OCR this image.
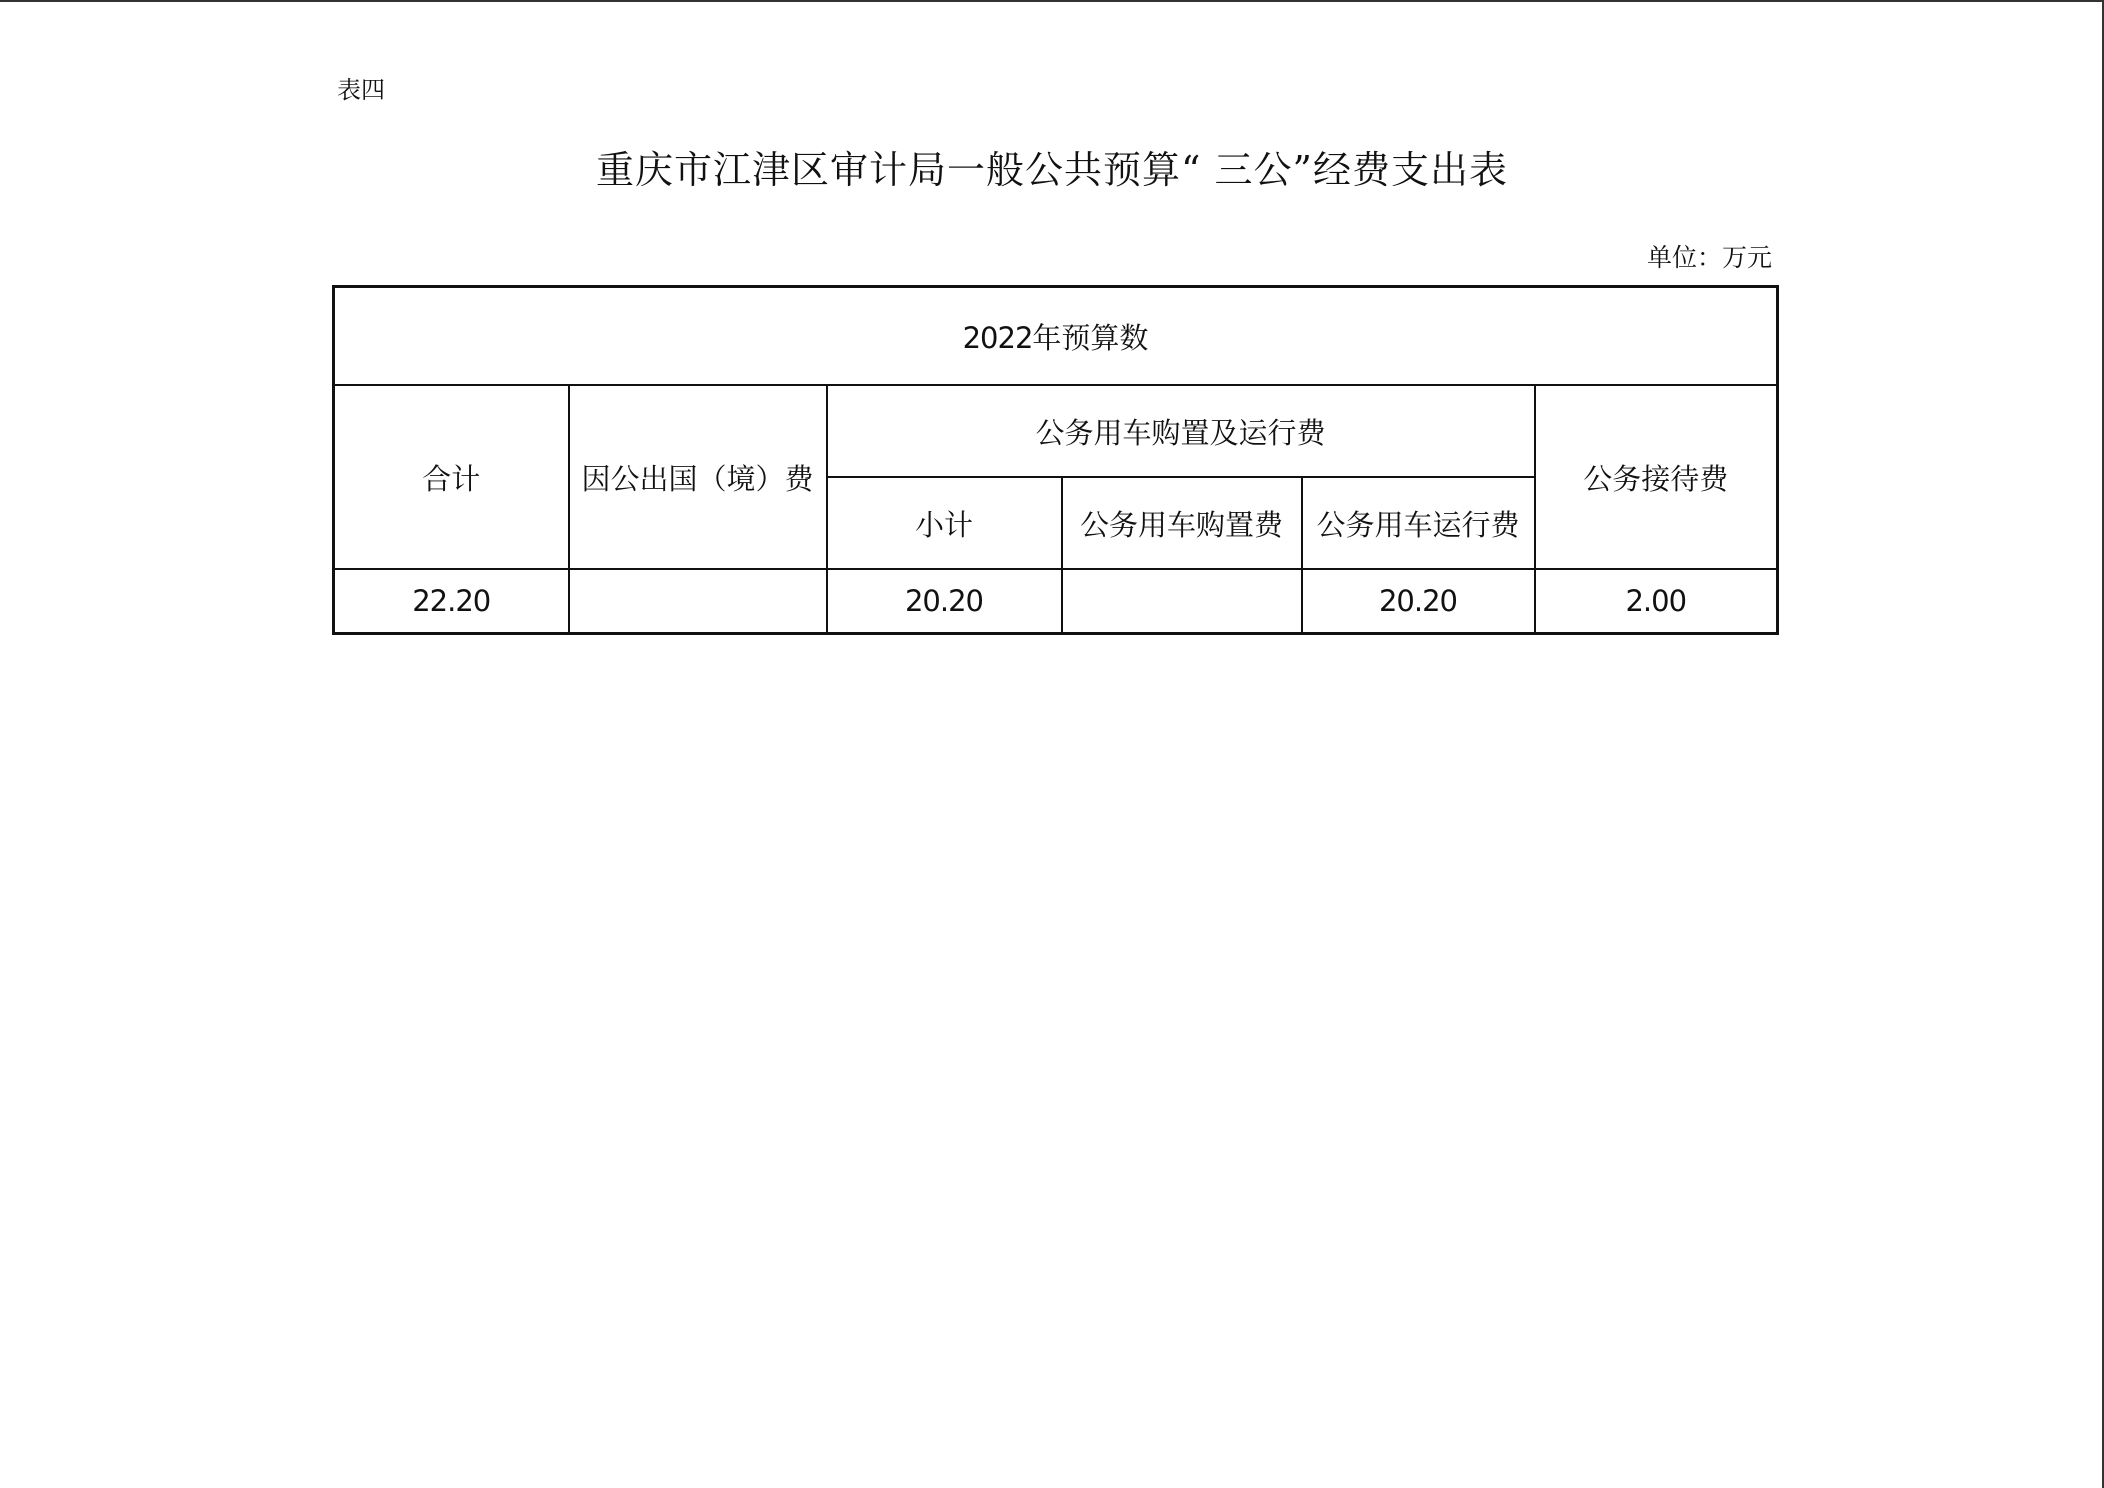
表四
重庆市江津区审计局一般公共预算“ 三公”经费支出表
单位：万元
2022年预算数					
合计	因公出国（境）费	公务用车购置及运行费			公务接待费
		小计	公务用车购置费	公务用车运行费	
22.20		20.20		20.20	2.00
